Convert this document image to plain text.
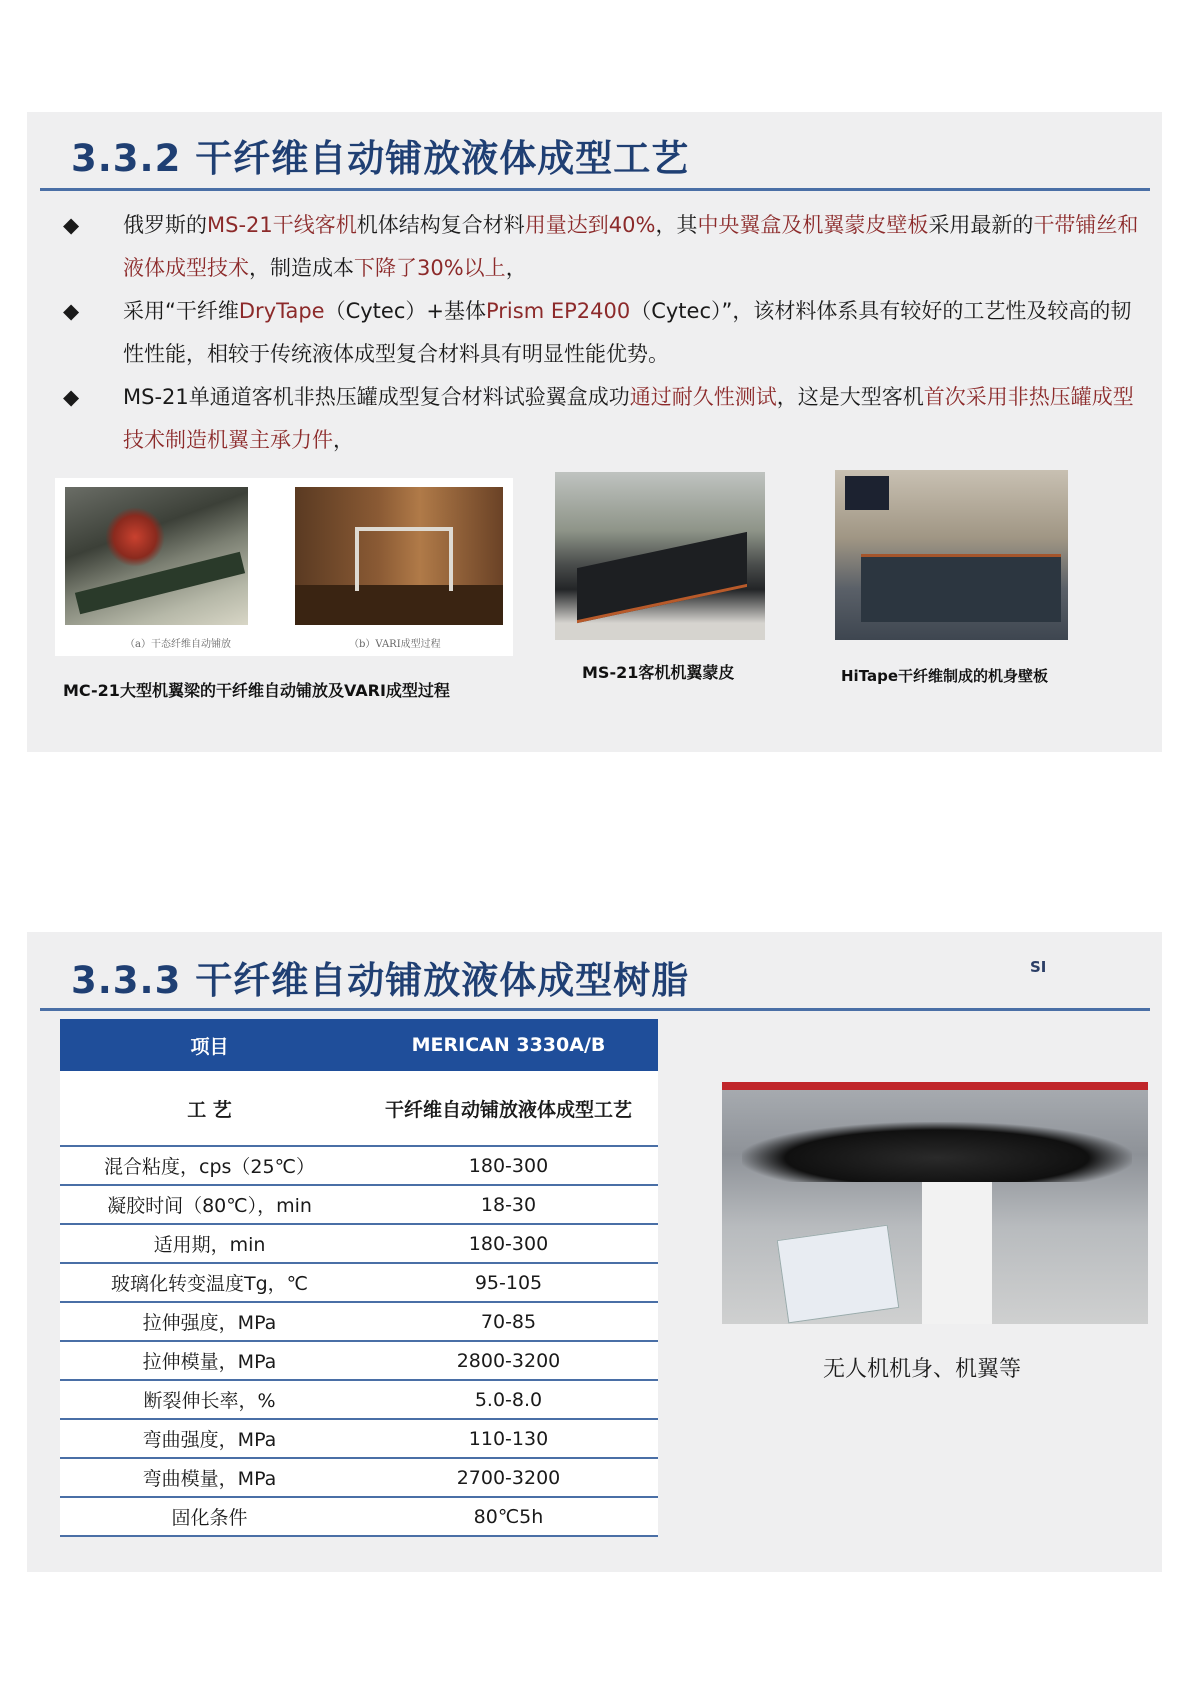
3.3.2 干纤维自动铺放液体成型工艺
◆ 俄罗斯的MS-21干线客机机体结构复合材料用量达到40%，其中央翼盒及机翼蒙皮壁板采用最新的干带铺丝和液体成型技术，制造成本下降了30%以上，
◆ 采用“干纤维DryTape（Cytec）+基体Prism EP2400（Cytec）”，该材料体系具有较好的工艺性及较高的韧性性能，相较于传统液体成型复合材料具有明显性能优势。
◆ MS-21单通道客机非热压罐成型复合材料试验翼盒成功通过耐久性测试，这是大型客机首次采用非热压罐成型技术制造机翼主承力件，
（a）干态纤维自动铺放	（b）VARI成型过程
MC-21大型机翼梁的干纤维自动铺放及VARI成型过程
MS-21客机机翼蒙皮	HiTape干纤维制成的机身壁板
3.3.3 干纤维自动铺放液体成型树脂	SI
项目	MERICAN 3330A/B
工 艺	干纤维自动铺放液体成型工艺
混合粘度，cps（25℃）	180-300
凝胶时间（80℃），min	18-30
适用期，min	180-300
玻璃化转变温度Tg，℃	95-105
拉伸强度，MPa	70-85
拉伸模量，MPa	2800-3200
断裂伸长率，%	5.0-8.0
弯曲强度，MPa	110-130
弯曲模量，MPa	2700-3200
固化条件	80℃5h
无人机机身、机翼等
